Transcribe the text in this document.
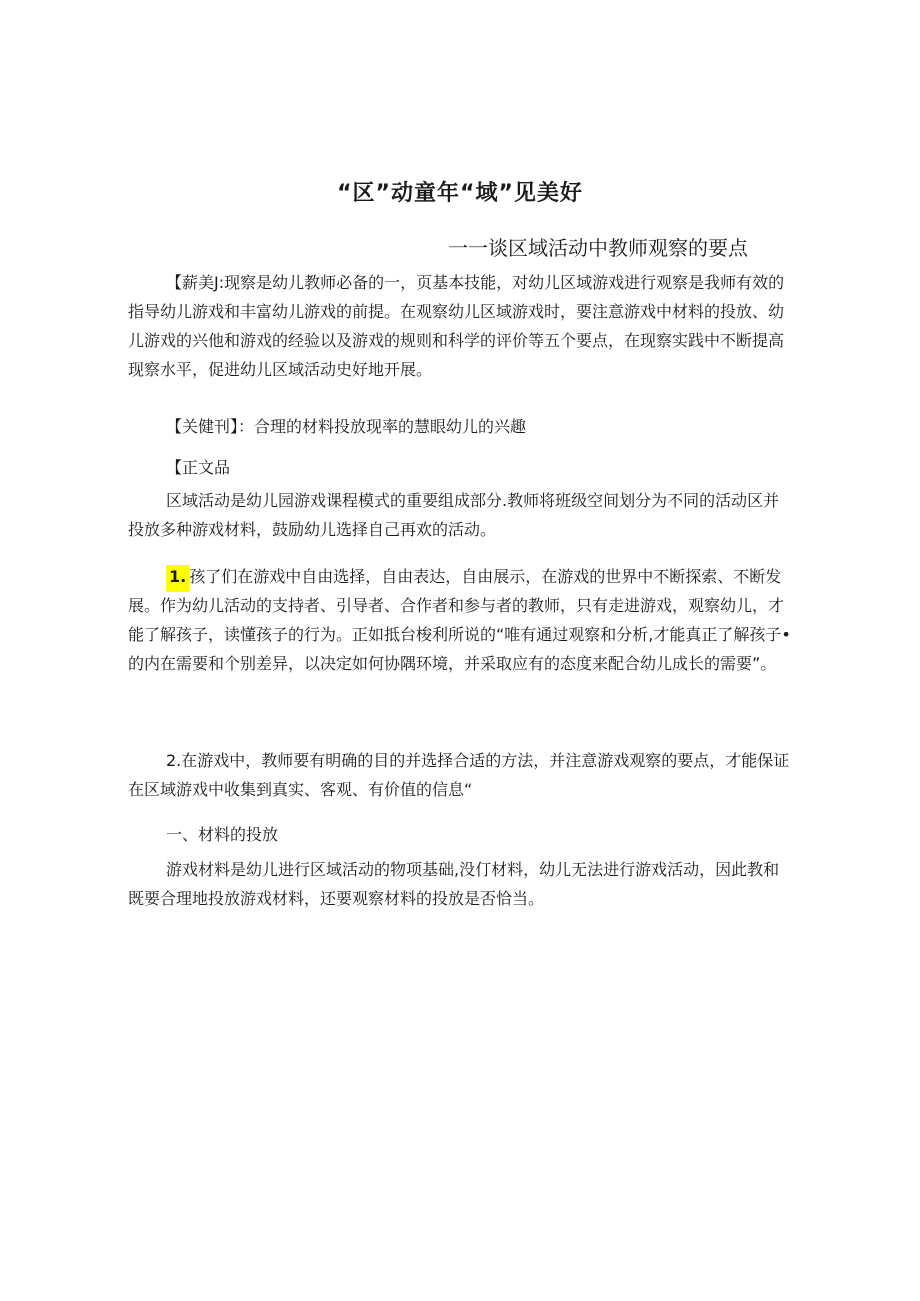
“区”动童年“域”见美好
一一谈区域活动中教师观察的要点

【薪美J:现察是幼儿教师必备的一，页基本技能，对幼儿区域游戏进行观察是我师有效的指导幼儿游戏和丰富幼儿游戏的前提。在观察幼儿区域游戏时，要注意游戏中材料的投放、幼儿游戏的兴他和游戏的经验以及游戏的规则和科学的评价等五个要点，在现察实践中不断提高现察水平，促进幼儿区域活动史好地开展。

【关健刊】：合理的材料投放现率的慧眼幼儿的兴趣

【正文品

区域活动是幼儿园游戏课程模式的重要组成部分.教师将班级空间划分为不同的活动区并投放多种游戏材料，鼓励幼儿选择自己再欢的活动。

1. 孩了们在游戏中自由选择，自由表达，自由展示，在游戏的世界中不断探索、不断发展。作为幼儿活动的支持者、引导者、合作者和参与者的教师，只有走进游戏，观察幼儿，才能了解孩子，读懂孩子的行为。正如抵台梭利所说的“唯有通过观察和分析,才能真正了解孩子•的内在需要和个别差异，以决定如何协隅环境，并采取应有的态度来配合幼儿成长的需要”。

2.在游戏中，教师要有明确的目的并选择合适的方法，并注意游戏观察的要点，才能保证在区域游戏中收集到真实、客观、有价值的信息“

一、材料的投放

游戏材料是幼儿进行区域活动的物项基础,没仃材料，幼儿无法进行游戏活动，因此教和既要合理地投放游戏材料，还要观察材料的投放是否恰当。
